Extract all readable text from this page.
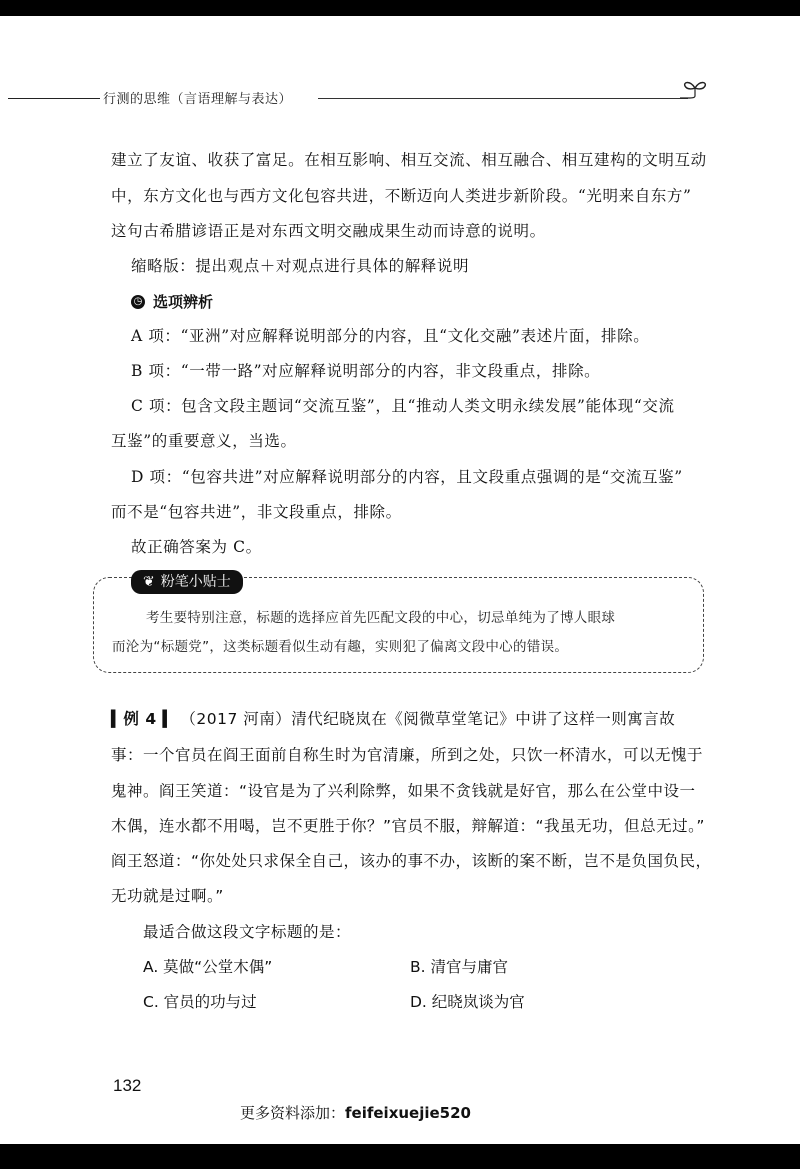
行测的思维（言语理解与表达）
建立了友谊、收获了富足。在相互影响、相互交流、相互融合、相互建构的文明互动
中，东方文化也与西方文化包容共进，不断迈向人类进步新阶段。“光明来自东方”
这句古希腊谚语正是对东西文明交融成果生动而诗意的说明。
缩略版：提出观点＋对观点进行具体的解释说明
◷ 选项辨析
A 项：“亚洲”对应解释说明部分的内容，且“文化交融”表述片面，排除。
B 项：“一带一路”对应解释说明部分的内容，非文段重点，排除。
C 项：包含文段主题词“交流互鉴”，且“推动人类文明永续发展”能体现“交流
互鉴”的重要意义，当选。
D 项：“包容共进”对应解释说明部分的内容，且文段重点强调的是“交流互鉴”
而不是“包容共进”，非文段重点，排除。
故正确答案为 C。
❦ 粉笔小贴士
考生要特别注意，标题的选择应首先匹配文段的中心，切忌单纯为了博人眼球
而沦为“标题党”，这类标题看似生动有趣，实则犯了偏离文段中心的错误。
▍例 4 ▍ （2017 河南）清代纪晓岚在《阅微草堂笔记》中讲了这样一则寓言故
事：一个官员在阎王面前自称生时为官清廉，所到之处，只饮一杯清水，可以无愧于
鬼神。阎王笑道：“设官是为了兴利除弊，如果不贪钱就是好官，那么在公堂中设一
木偶，连水都不用喝，岂不更胜于你？”官员不服，辩解道：“我虽无功，但总无过。”
阎王怒道：“你处处只求保全自己，该办的事不办，该断的案不断，岂不是负国负民，
无功就是过啊。”
最适合做这段文字标题的是：
A. 莫做“公堂木偶”	B. 清官与庸官
C. 官员的功与过	D. 纪晓岚谈为官
132
更多资料添加：feifeixuejie520
